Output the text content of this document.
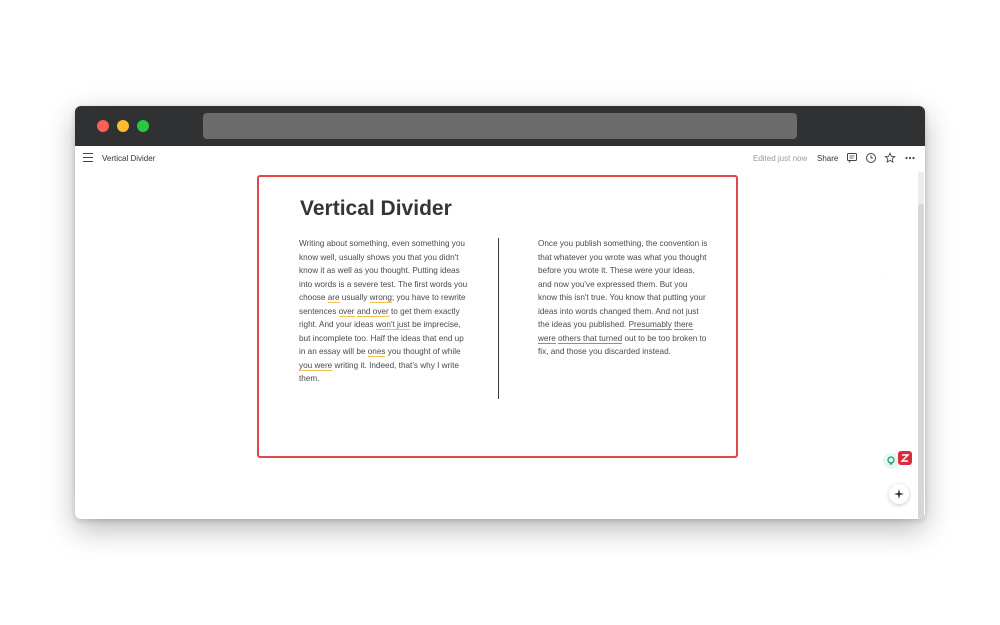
Vertical Divider	Edited just now Share
Vertical Divider

Writing about something, even something you know well, usually shows you that you didn't know it as well as you thought. Putting ideas into words is a severe test. The first words you choose are usually wrong; you have to rewrite sentences over and over to get them exactly right. And your ideas won't just be imprecise, but incomplete too. Half the ideas that end up in an essay will be ones you thought of while you were writing it. Indeed, that's why I write them.

Once you publish something, the convention is that whatever you wrote was what you thought before you wrote it. These were your ideas, and now you've expressed them. But you know this isn't true. You know that putting your ideas into words changed them. And not just the ideas you published. Presumably there were others that turned out to be too broken to fix, and those you discarded instead.

·
